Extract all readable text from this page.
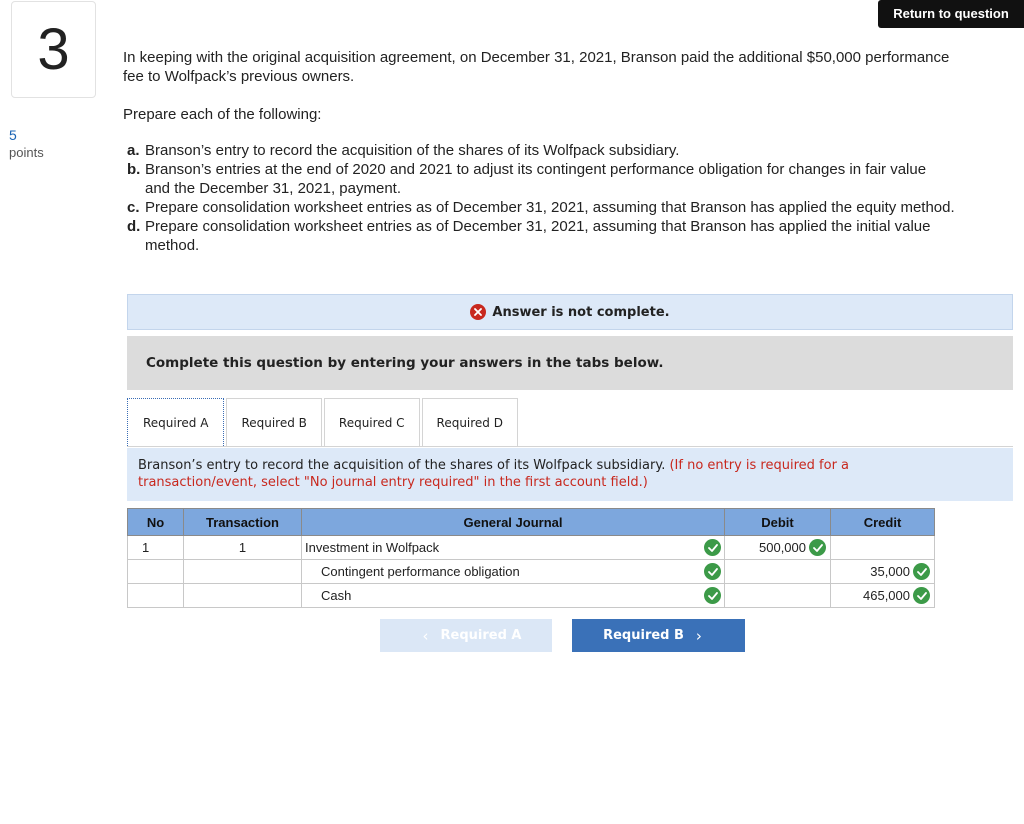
3
5
points
Return to question
In keeping with the original acquisition agreement, on December 31, 2021, Branson paid the additional $50,000 performance
fee to Wolfpack’s previous owners.
Prepare each of the following:
a. Branson’s entry to record the acquisition of the shares of its Wolfpack subsidiary.
b. Branson’s entries at the end of 2020 and 2021 to adjust its contingent performance obligation for changes in fair value
and the December 31, 2021, payment.
c. Prepare consolidation worksheet entries as of December 31, 2021, assuming that Branson has applied the equity method.
d. Prepare consolidation worksheet entries as of December 31, 2021, assuming that Branson has applied the initial value
method.
Answer is not complete.
Complete this question by entering your answers in the tabs below.
Required A	Required B	Required C	Required D
Branson’s entry to record the acquisition of the shares of its Wolfpack subsidiary. (If no entry is required for a
transaction/event, select "No journal entry required" in the first account field.)
No	Transaction	General Journal	Debit	Credit
1	1	Investment in Wolfpack	500,000	

		Contingent performance obligation		35,000

		Cash		465,000
‹ Required A	Required B ›
